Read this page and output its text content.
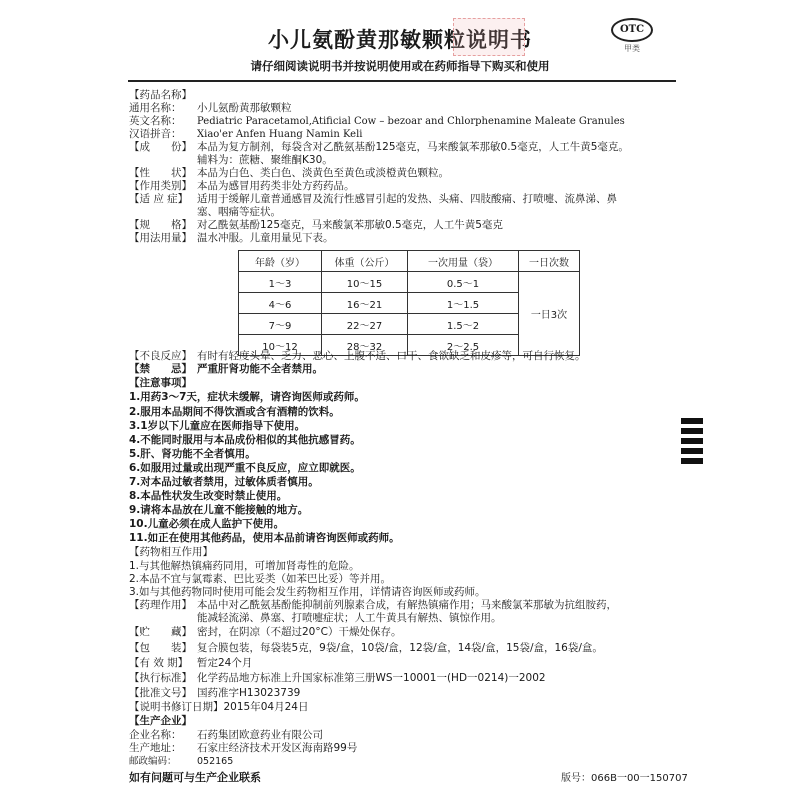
小儿氨酚黄那敏颗粒说明书	OTC
甲类
请仔细阅读说明书并按说明使用或在药师指导下购买和使用
【药品名称】
通用名称： 小儿氨酚黄那敏颗粒
英文名称： Pediatric Paracetamol,Atificial Cow – bezoar and Chlorphenamine Maleate Granules
汉语拼音： Xiao'er Anfen Huang Namin Keli
【成　　份】 本品为复方制剂，每袋含对乙酰氨基酚125毫克，马来酸氯苯那敏0.5毫克，人工牛黄5毫克。
辅料为：蔗糖、聚维酮K30。
【性　　状】 本品为白色、类白色、淡黄色至黄色或淡橙黄色颗粒。
【作用类别】 本品为感冒用药类非处方药药品。
【适 应 症】 适用于缓解儿童普通感冒及流行性感冒引起的发热、头痛、四肢酸痛、打喷嚏、流鼻涕、鼻
塞、咽痛等症状。
【规　　格】 对乙酰氨基酚125毫克，马来酸氯苯那敏0.5毫克，人工牛黄5毫克
【用法用量】 温水冲服。儿童用量见下表。
年龄（岁）	体重（公斤）	一次用量（袋）	一日次数
1～3	10～15	0.5～1	一日3次
4～6	16～21	1～1.5	
7～9	22～27	1.5～2	
10～12	28～32	2～2.5	
【不良反应】 有时有轻度头晕、乏力、恶心、上腹不适、口干、食欲缺乏和皮疹等，可自行恢复。
【禁　　忌】 严重肝肾功能不全者禁用。
【注意事项】
1.用药3～7天，症状未缓解，请咨询医师或药师。
2.服用本品期间不得饮酒或含有酒精的饮料。
3.1岁以下儿童应在医师指导下使用。
4.不能同时服用与本品成份相似的其他抗感冒药。
5.肝、肾功能不全者慎用。
6.如服用过量或出现严重不良反应，应立即就医。
7.对本品过敏者禁用，过敏体质者慎用。
8.本品性状发生改变时禁止使用。
9.请将本品放在儿童不能接触的地方。
10.儿童必须在成人监护下使用。
11.如正在使用其他药品，使用本品前请咨询医师或药师。
【药物相互作用】
1.与其他解热镇痛药同用，可增加肾毒性的危险。
2.本品不宜与氯霉素、巴比妥类（如苯巴比妥）等并用。
3.如与其他药物同时使用可能会发生药物相互作用，详情请咨询医师或药师。
【药理作用】 本品中对乙酰氨基酚能抑制前列腺素合成，有解热镇痛作用；马来酸氯苯那敏为抗组胺药，
能减轻流涕、鼻塞、打喷嚏症状；人工牛黄具有解热、镇惊作用。
【贮　　藏】 密封，在阴凉（不超过20°C）干燥处保存。
【包　　装】 复合膜包装，每袋装5克，9袋/盒，10袋/盒，12袋/盒，14袋/盒，15袋/盒，16袋/盒。
【有 效 期】 暂定24个月
【执行标准】 化学药品地方标准上升国家标准第三册WS一10001一(HD一0214)一2002
【批准文号】 国药准字H13023739
【说明书修订日期】2015年04月24日
【生产企业】
企业名称： 石药集团欧意药业有限公司
生产地址： 石家庄经济技术开发区海南路99号
邮政编码： 052165
如有问题可与生产企业联系	版号：066B一00一150707
